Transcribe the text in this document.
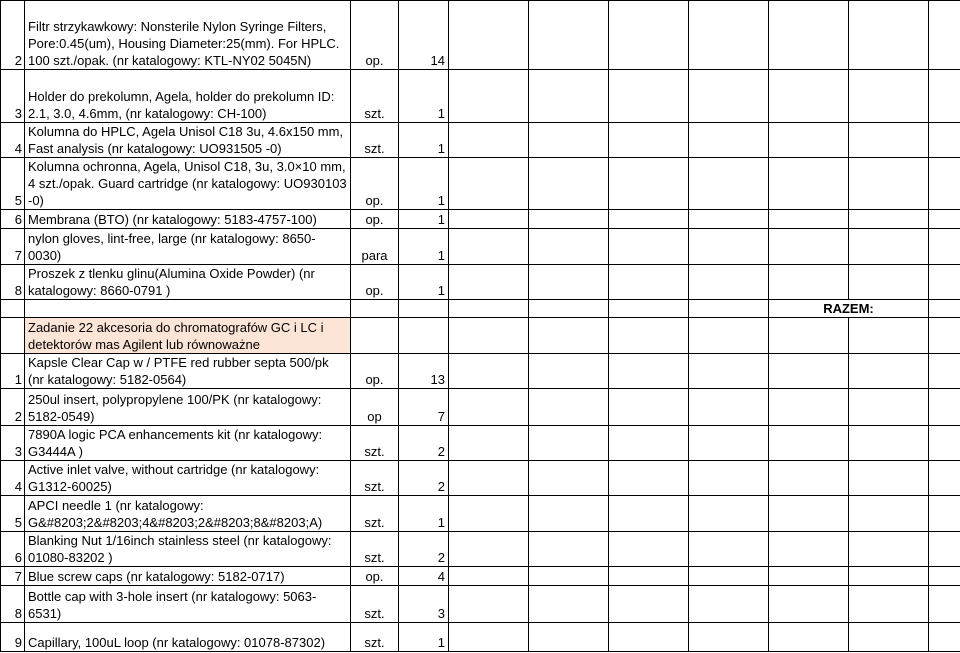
2	Filtr strzykawkowy: Nonsterile Nylon Syringe Filters, Pore:0.45(um), Housing Diameter:25(mm). For HPLC. 100 szt./opak. (nr katalogowy: KTL-NY02 5045N)	op.	14							
3	Holder do prekolumn, Agela, holder do prekolumn ID: 2.1, 3.0, 4.6mm, (nr katalogowy: CH-100)	szt.	1							
4	Kolumna do HPLC, Agela Unisol C18 3u, 4.6x150 mm, Fast analysis (nr katalogowy: UO931505 -0)	szt.	1							
5	Kolumna ochronna, Agela, Unisol C18, 3u, 3.0×10 mm, 4 szt./opak. Guard cartridge (nr katalogowy: UO930103 -0)	op.	1							
6	Membrana (BTO) (nr katalogowy: 5183-4757-100)	op.	1							
7	nylon gloves, lint-free, large (nr katalogowy: 8650-0030)	para	1							
8	Proszek z tlenku glinu(Alumina Oxide Powder) (nr katalogowy: 8660-0791 )	op.	1							
								RAZEM:		
	Zadanie 22 akcesoria do chromatografów GC i LC i detektorów mas Agilent lub równoważne									
1	Kapsle Clear Cap w / PTFE red rubber septa 500/pk (nr katalogowy: 5182-0564)	op.	13							
2	250ul insert, polypropylene 100/PK (nr katalogowy: 5182-0549)	op	7							
3	7890A logic PCA enhancements kit (nr katalogowy: G3444A )	szt.	2							
4	Active inlet valve, without cartridge (nr katalogowy: G1312-60025)	szt.	2							
5	APCI needle 1 (nr katalogowy: G&#8203;2&#8203;4&#8203;2&#8203;8&#8203;A)	szt.	1							
6	Blanking Nut 1/16inch stainless steel (nr katalogowy: 01080-83202 )	szt.	2							
7	Blue screw caps (nr katalogowy: 5182-0717)	op.	4							
8	Bottle cap with 3-hole insert (nr katalogowy: 5063-6531)	szt.	3							
9	Capillary, 100uL loop (nr katalogowy: 01078-87302)	szt.	1							
